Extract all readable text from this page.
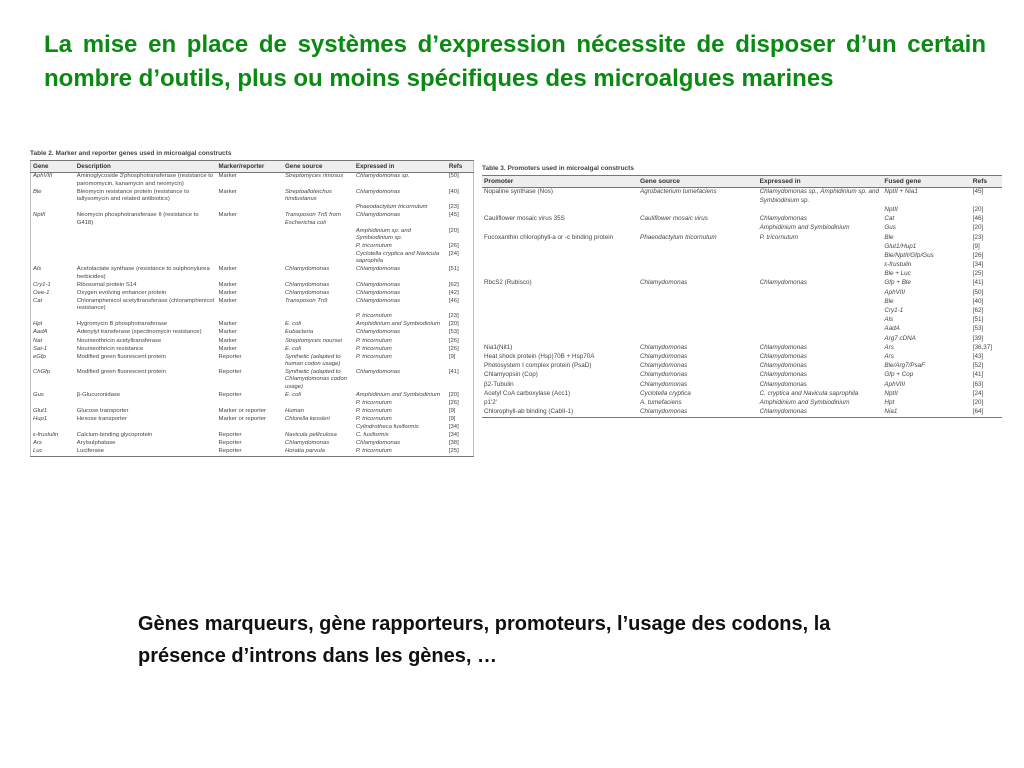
La mise en place de systèmes d’expression nécessite de disposer d’un certain nombre d’outils, plus ou moins spécifiques des microalgues marines
Table 2. Marker and reporter genes used in microalgal constructs
Gene	Description	Marker/reporter	Gene source	Expressed in	Refs
AphVIII	Aminoglycoside 3'phosphotransferase (resistance to paromomycin, kanamycin and neomycin)	Marker	Streptomyces rimosus	Chlamydomonas sp.	[50]
Ble	Bleomycin resistance protein (resistance to tallysomycin and related antibiotics)	Marker	Streptoalloteichus hindustanus	Chlamydomonas	[40]
				Phaeodactylum tricornutum	[23]
NptII	Neomycin phosphotransferase II (resistance to G418)	Marker	Transposon Tn5 from Escherichia coli	Chlamydomonas	[45]
				Amphidinium sp. and Symbiodinium sp.	[20]
				P. tricornutum	[26]
				Cyclotella cryptica and Navicula saprophila	[24]
Als	Acetolactate synthase (resistance to sulphonylurea herbicides)	Marker	Chlamydomonas	Chlamydomonas	[51]
Cry1-1	Ribosomal protein S14	Marker	Chlamydomonas	Chlamydomonas	[62]
Oee-1	Oxygen evolving enhancer protein	Marker	Chlamydomonas	Chlamydomonas	[42]
Cat	Chloramphenicol acetyltransferase (chloramphenicol resistance)	Marker	Transposon Tn9	Chlamydomonas	[46]
				P. tricornutum	[23]
Hpt	Hygromycin B phosphotransferase	Marker	E. coli	Amphidinium and Symbiodinium	[20]
AadA	Adenylyl transferase (spectinomycin resistance)	Marker	Eubacteria	Chlamydomonas	[53]
Nat	Nourseothricin acetyltransferase	Marker	Streptomyces noursei	P. tricornutum	[26]
Sat-1	Nourseothricin resistance	Marker	E. coli	P. tricornutum	[26]
eGfp	Modified green fluorescent protein	Reporter	Synthetic (adapted to human codon usage)	P. tricornutum	[9]
ChGfp	Modified green fluorescent protein	Reporter	Synthetic (adapted to Chlamydomonas codon usage)	Chlamydomonas	[41]
Gus	β-Glucuronidase	Reporter	E. coli	Amphidinium and Symbiodinium	[20]
				P. tricornutum	[26]
Glut1	Glucose transporter	Marker or reporter	Human	P. tricornutum	[9]
Hup1	Hexose transporter	Marker or reporter	Chlorella kessleri	P. tricornutum	[9]
				Cylindrotheca fusiformis	[34]
ε-frustulin	Calcium-binding glycoprotein	Reporter	Navicula pelliculosa	C. fusiformis	[34]
Ars	Arylsulphatase	Reporter	Chlamydomonas	Chlamydomonas	[38]
Luc	Luciferase	Reporter	Horatia parvula	P. tricornutum	[25]
Table 3. Promoters used in microalgal constructs
Promoter	Gene source	Expressed in	Fused gene	Refs
Nopaline synthase (Nos)	Agrobacterium tumefaciens	Chlamydomonas sp., Amphidinium sp. and Symbiodinium sp.	NptII + Nia1	[45]
			NptII	[20]
Cauliflower mosaic virus 35S	Cauliflower mosaic virus	Chlamydomonas	Cat	[46]
		Amphidinium and Symbiodinium	Gus	[20]
Fucoxanthin chlorophyll-a or -c binding protein	Phaeodactylum tricornutum	P. tricornutum	Ble	[23]
			Glut1/Hup1	[9]
			Ble/NptII/Gfp/Gus	[26]
			ε-frustulin	[34]
			Ble + Luc	[25]
RbcS2 (Rubisco)	Chlamydomonas	Chlamydomonas	Gfp + Ble	[41]
			AphVIII	[50]
			Ble	[40]
			Cry1-1	[62]
			Als	[51]
			AadA	[53]
			Arg7 cDNA	[39]
Nia1(Nit1)	Chlamydomonas	Chlamydomonas	Ars	[36,37]
Heat shock protein (Hsp)70B + Hsp70A	Chlamydomonas	Chlamydomonas	Ars	[43]
Photosystem I complex protein (PsaD)	Chlamydomonas	Chlamydomonas	Ble/Arg7/PsaF	[52]
Chlamyopsin (Cop)	Chlamydomonas	Chlamydomonas	Gfp + Cop	[41]
β2-Tubulin	Chlamydomonas	Chlamydomonas	AphVIII	[63]
Acetyl CoA carboxylase (Acc1)	Cyclotella cryptica	C. cryptica and Navicula saprophila	NptII	[24]
p1'2'	A. tumefaciens	Amphidinium and Symbiodinium	Hpt	[20]
Chlorophyll-ab binding (CabII-1)	Chlamydomonas	Chlamydomonas	Nia1	[64]
Gènes marqueurs, gène rapporteurs, promoteurs, l’usage des codons, la présence d’introns dans les gènes, …
